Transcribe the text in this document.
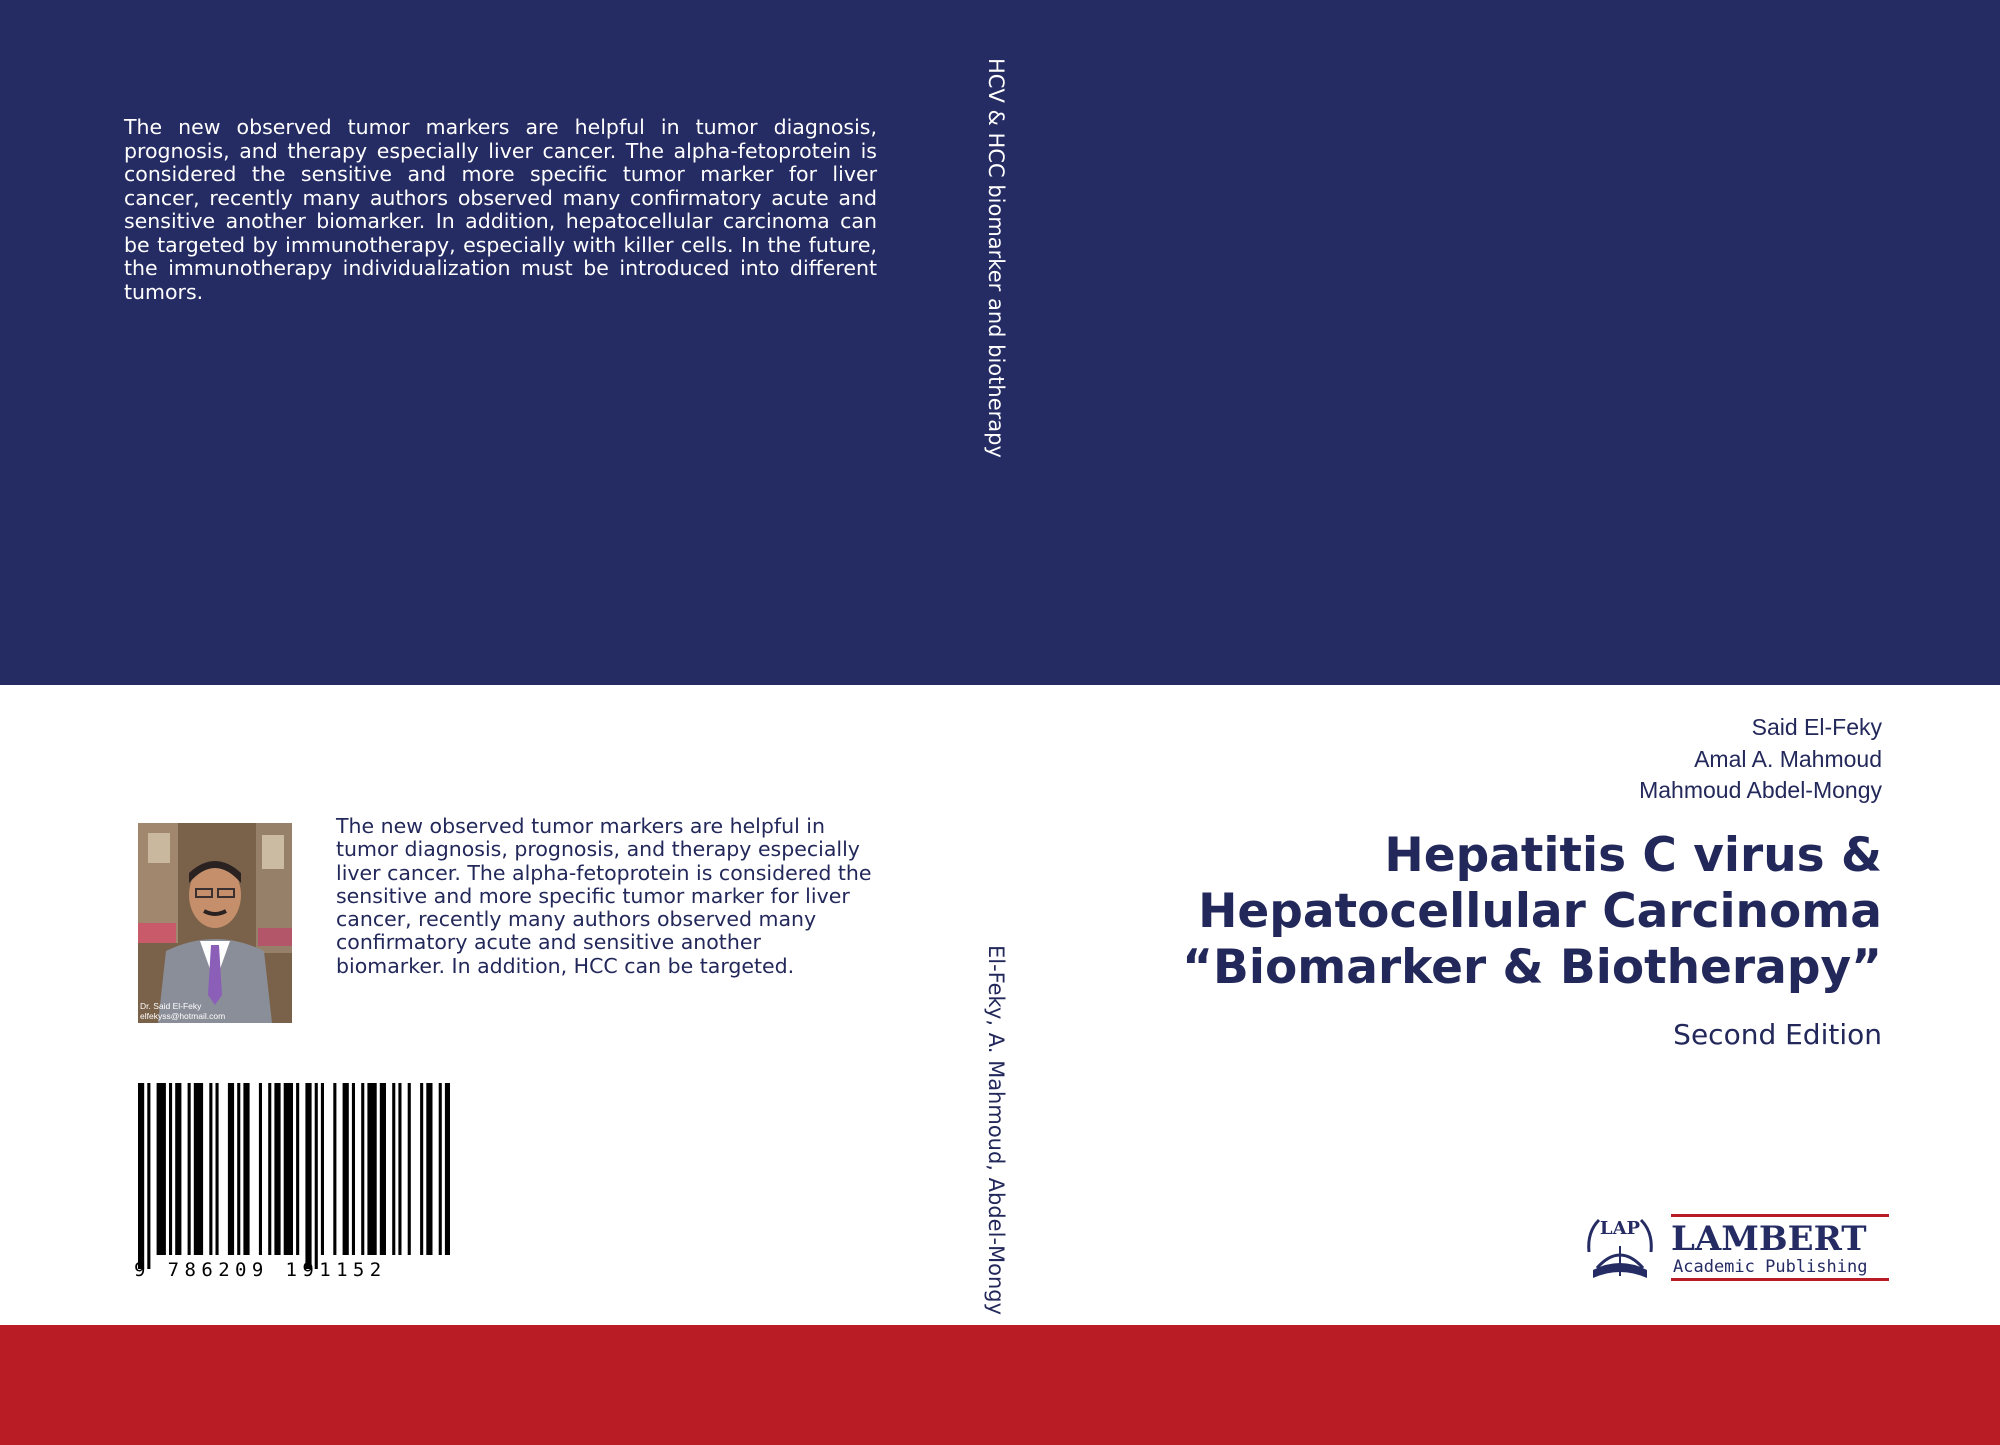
The new observed tumor markers are helpful in tumor diagnosis, prognosis, and therapy especially liver cancer. The alpha-fetoprotein is considered the sensitive and more specific tumor marker for liver cancer, recently many authors observed many confirmatory acute and sensitive another biomarker. In addition, hepatocellular carcinoma can be targeted by immunotherapy, especially with killer cells. In the future, the immunotherapy individualization must be introduced into different tumors.	HCV & HCC biomarker and biotherapy
El-Feky, A. Mahmoud, Abdel-Mongy
Dr. Said El-Feky
elfekyss@hotmail.com
The new observed tumor markers are helpful in tumor diagnosis, prognosis, and therapy especially liver cancer. The alpha-fetoprotein is considered the sensitive and more specific tumor marker for liver cancer, recently many authors observed many confirmatory acute and sensitive another biomarker. In addition, HCC can be targeted.
9 786209 191152
Said El-Feky
Amal A. Mahmoud
Mahmoud Abdel-Mongy
Hepatitis C virus &
Hepatocellular Carcinoma
“Biomarker & Biotherapy”
Second Edition
LAP LAMBERT
Academic Publishing
